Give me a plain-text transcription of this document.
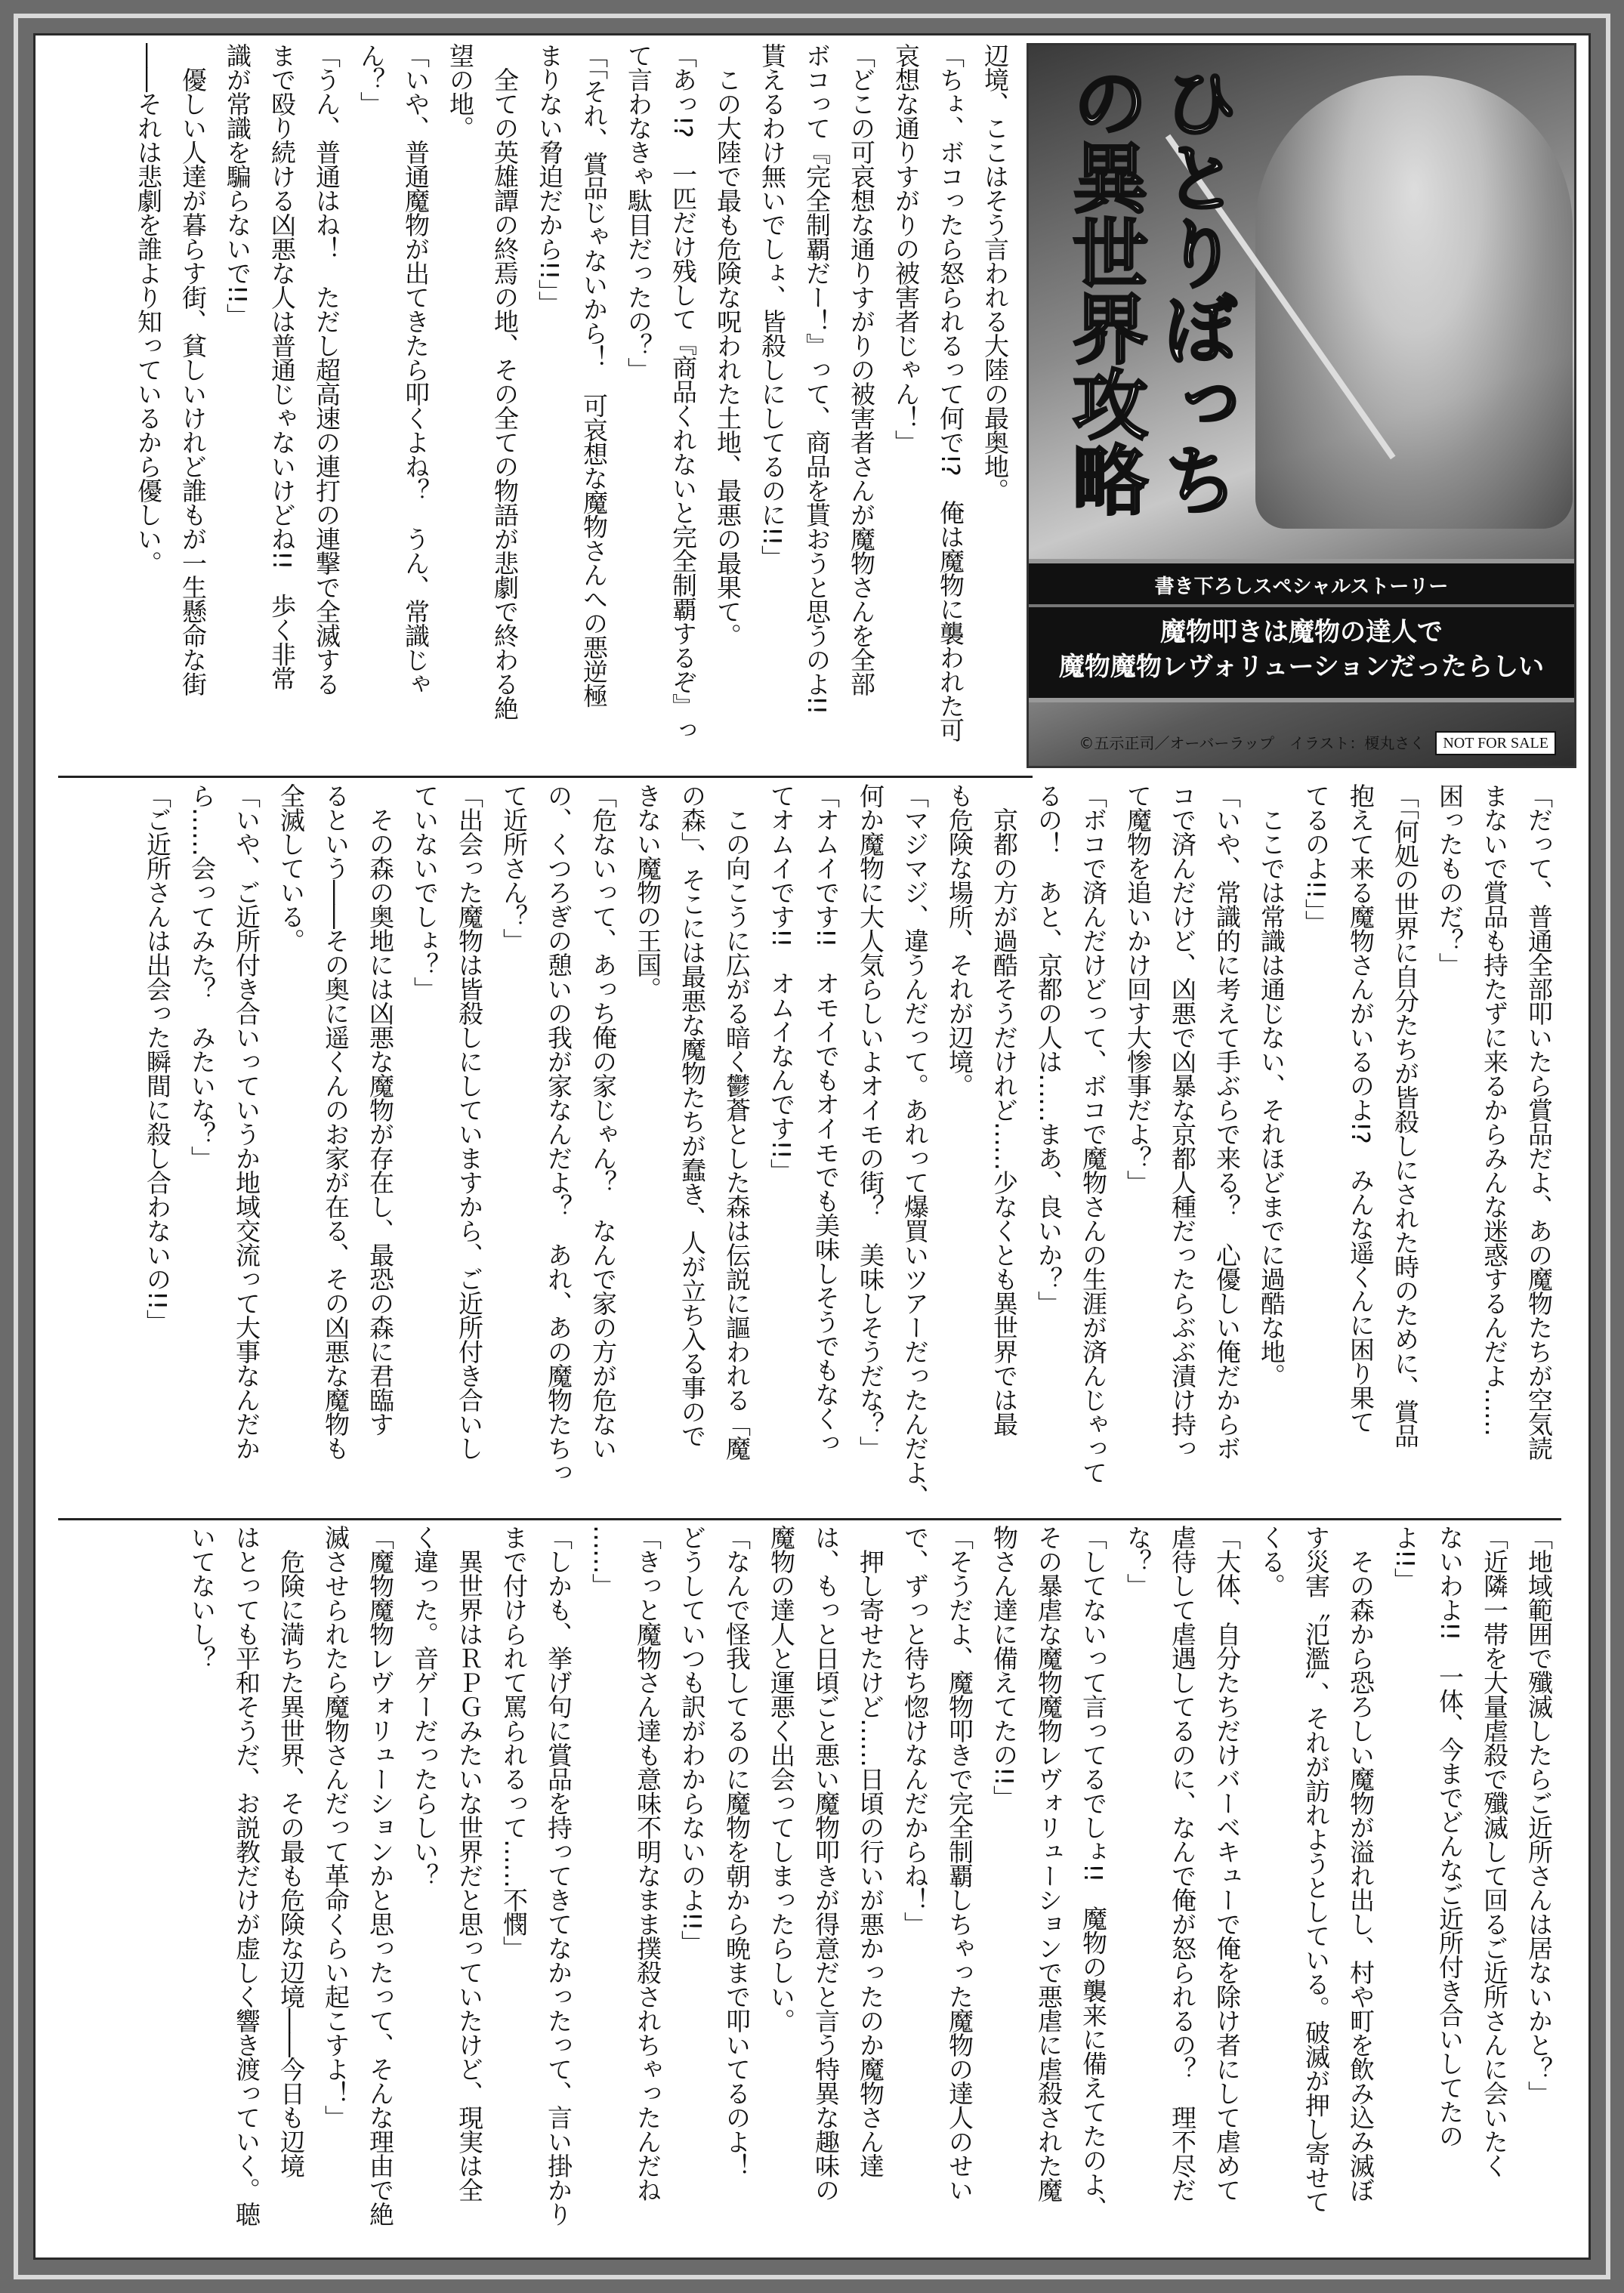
辺境、ここはそう言われる大陸の最奥地。
「ちょ、ボコったら怒られるって何で!?　俺は魔物に襲われた可
哀想な通りすがりの被害者じゃん！」
「どこの可哀想な通りすがりの被害者さんが魔物さんを全部
ボコって『完全制覇だー！』って、商品を貰おうと思うのよ!!
貰えるわけ無いでしょ、皆殺しにしてるのに!!」
　この大陸で最も危険な呪われた土地、最悪の最果て。
「あっ!?　一匹だけ残して『商品くれないと完全制覇するぞ』っ
て言わなきゃ駄目だったの？」
「「それ、賞品じゃないから！　可哀想な魔物さんへの悪逆極
まりない脅迫だから!!」」
　全ての英雄譚の終焉の地、その全ての物語が悲劇で終わる絶
望の地。
「いや、普通魔物が出てきたら叩くよね？　うん、常識じゃ
ん？」
「うん、普通はね！　ただし超高速の連打の連撃で全滅する
まで殴り続ける凶悪な人は普通じゃないけどね!!　歩く非常
識が常識を騙らないで!!」
　優しい人達が暮らす街、貧しいけれど誰もが一生懸命な街
――それは悲劇を誰より知っているから優しい。	ひとりぼっちの異世界攻略
書き下ろしスペシャルストーリー
魔物叩きは魔物の達人で
魔物魔物レヴォリューションだったらしい
©五示正司／オーバーラップ　イラスト：榎丸さく	NOT FOR SALE
「だって、普通全部叩いたら賞品だよ、あの魔物たちが空気読
まないで賞品も持たずに来るからみんな迷惑するんだよ……
困ったものだ？」
「「何処の世界に自分たちが皆殺しにされた時のために、賞品
抱えて来る魔物さんがいるのよ!?　みんな遥くんに困り果て
てるのよ!!」」
　ここでは常識は通じない、それほどまでに過酷な地。
「いや、常識的に考えて手ぶらで来る？　心優しい俺だからボ
コで済んだけど、凶悪で凶暴な京都人種だったらぶぶ漬け持っ
て魔物を追いかけ回す大惨事だよ？」
「ボコで済んだけどって、ボコで魔物さんの生涯が済んじゃって
るの！　あと、京都の人は……まあ、良いか？」
　京都の方が過酷そうだけれど……少なくとも異世界では最
も危険な場所、それが辺境。
「マジマジ、違うんだって。あれって爆買いツアーだったんだよ、
何か魔物に大人気らしいよオイモの街？　美味しそうだな？」
「オムイです!!　オモイでもオイモでも美味しそうでもなくっ
てオムイです!!　オムイなんです!!」
　この向こうに広がる暗く鬱蒼とした森は伝説に謳われる「魔
の森」、そこには最悪な魔物たちが蠢き、人が立ち入る事ので
きない魔物の王国。
「危ないって、あっち俺の家じゃん？　なんで家の方が危ない
の、くつろぎの憩いの我が家なんだよ？　あれ、あの魔物たちっ
て近所さん？」
「出会った魔物は皆殺しにしていますから、ご近所付き合いし
ていないでしょ？」
　その森の奥地には凶悪な魔物が存在し、最恐の森に君臨す
るという――その奥に遥くんのお家が在る、その凶悪な魔物も
全滅している。
「いや、ご近所付き合いっていうか地域交流って大事なんだか
ら……会ってみた？　みたいな？」
「ご近所さんは出会った瞬間に殺し合わないの!!」
「地域範囲で殲滅したらご近所さんは居ないかと？」
「近隣一帯を大量虐殺で殲滅して回るご近所さんに会いたく
ないわよ!!　一体、今までどんなご近所付き合いしてたの
よ!!」
　その森から恐ろしい魔物が溢れ出し、村や町を飲み込み滅ぼ
す災害〝氾濫〟、それが訪れようとしている。破滅が押し寄せて
くる。
「大体、自分たちだけバーベキューで俺を除け者にして虐めて
虐待して虐遇してるのに、なんで俺が怒られるの？　理不尽だ
な？」
「してないって言ってるでしょ!!　魔物の襲来に備えてたのよ、
その暴虐な魔物魔物レヴォリューションで悪虐に虐殺された魔
物さん達に備えてたの!!」
「そうだよ、魔物叩きで完全制覇しちゃった魔物の達人のせい
で、ずっと待ち惚けなんだからね！」
　押し寄せたけど……日頃の行いが悪かったのか魔物さん達
は、もっと日頃ごと悪い魔物叩きが得意だと言う特異な趣味の
魔物の達人と運悪く出会ってしまったらしい。
「なんで怪我してるのに魔物を朝から晩まで叩いてるのよ！
どうしていつも訳がわからないのよ!!」
「きっと魔物さん達も意味不明なまま撲殺されちゃったんだね
……」
「しかも、挙げ句に賞品を持ってきてなかったって、言い掛かり
まで付けられて罵られるって……不憫」
　異世界はＲＰＧみたいな世界だと思っていたけど、現実は全
く違った。音ゲーだったらしい？
「魔物魔物レヴォリューションかと思ったって、そんな理由で絶
滅させられたら魔物さんだって革命くらい起こすよ！」
　危険に満ちた異世界、その最も危険な辺境――今日も辺境
はとっても平和そうだ、お説教だけが虚しく響き渡っていく。聴
いてないし？
